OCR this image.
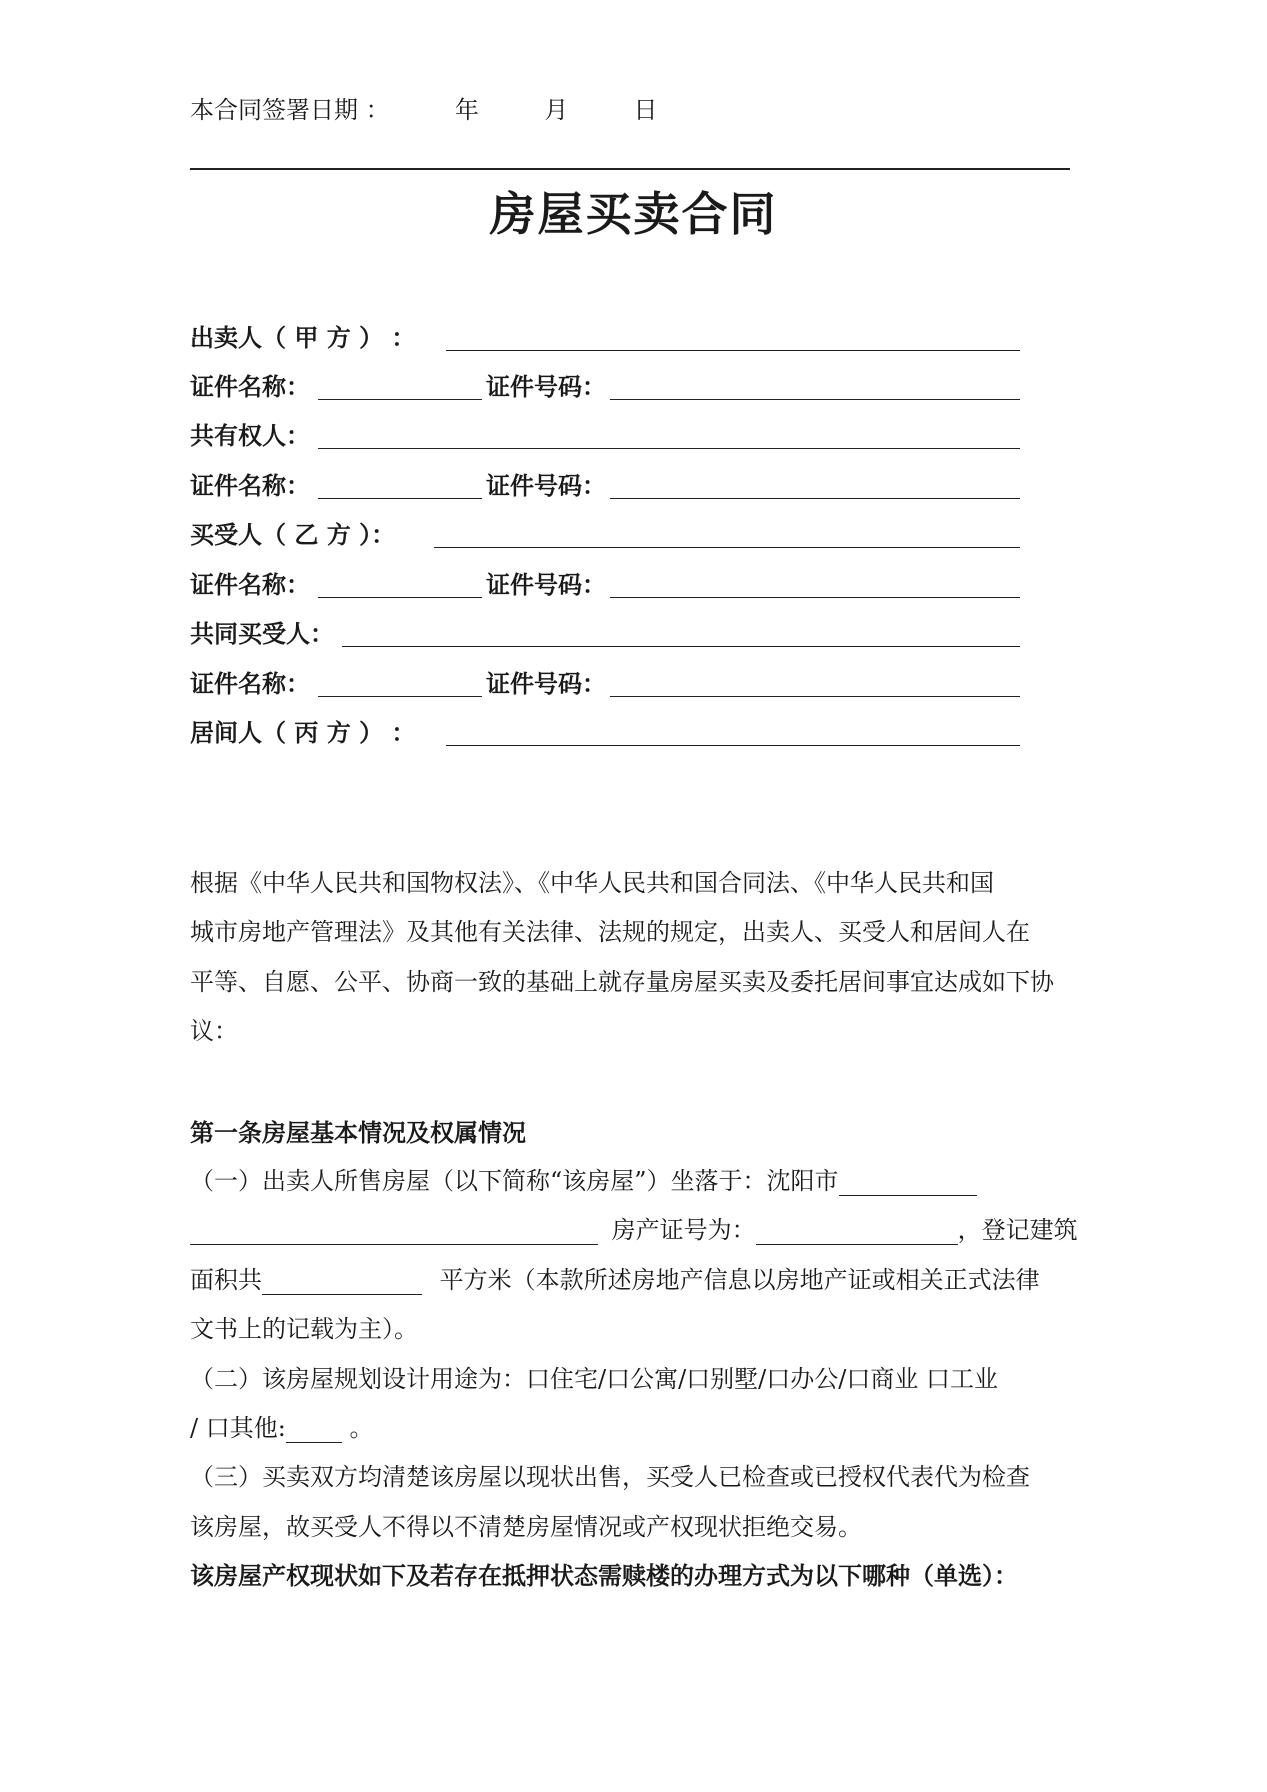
本合同签署日期 ：	年	月	日
房屋买卖合同
出卖人（ 甲 方 ） ：
证件名称：	证件号码：
共有权人：
证件名称：	证件号码：
买受人（ 乙 方 ）：
证件名称：	证件号码：
共同买受人：
证件名称：	证件号码：
居间人（ 丙 方 ） ：
根据《中华人民共和国物权法》、《中华人民共和国合同法、《中华人民共和国
城市房地产管理法》及其他有关法律、法规的规定，出卖人、买受人和居间人在
平等、自愿、公平、协商一致的基础上就存量房屋买卖及委托居间事宜达成如下协
议：
第一条房屋基本情况及权属情况
（一）出卖人所售房屋（以下简称“该房屋”）坐落于：沈阳市
房产证号为：	，登记建筑
面积共	平方米（本款所述房地产信息以房地产证或相关正式法律
文书上的记载为主）。
（二）该房屋规划设计用途为：口住宅/口公寓/口别墅/口办公/口商业 口工业
/ 口其他:	。
（三）买卖双方均清楚该房屋以现状出售，买受人已检查或已授权代表代为检查
该房屋，故买受人不得以不清楚房屋情况或产权现状拒绝交易。
该房屋产权现状如下及若存在抵押状态需赎楼的办理方式为以下哪种（单选）：
